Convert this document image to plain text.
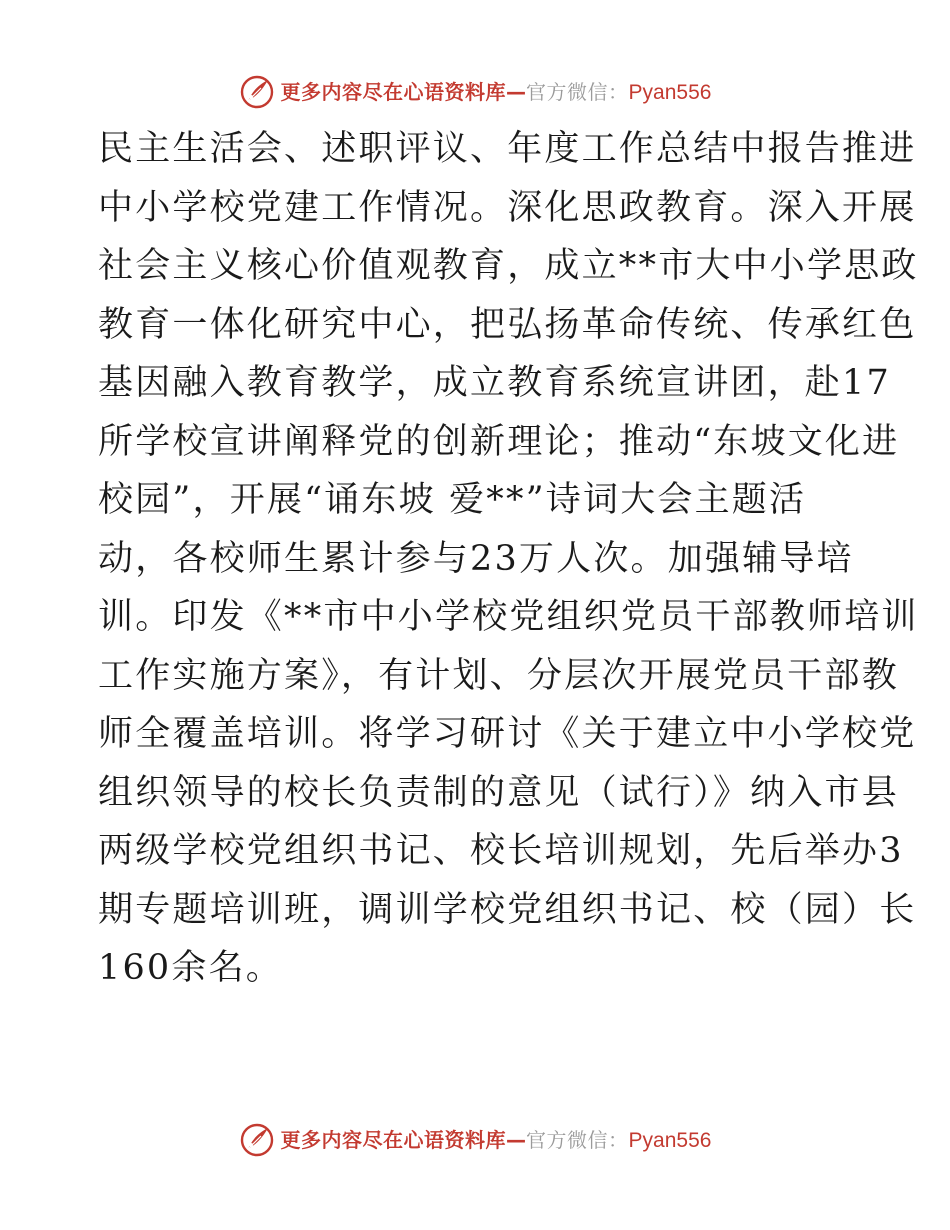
更多内容尽在心语资料库 — 官方微信： Pyan556
民主生活会、述职评议、年度工作总结中报告推进
中小学校党建工作情况。深化思政教育。深入开展
社会主义核心价值观教育，成立**市大中小学思政
教育一体化研究中心，把弘扬革命传统、传承红色
基因融入教育教学，成立教育系统宣讲团，赴17
所学校宣讲阐释党的创新理论；推动“东坡文化进
校园”，开展“诵东坡 爱**”诗词大会主题活
动，各校师生累计参与23万人次。加强辅导培
训。印发《**市中小学校党组织党员干部教师培训
工作实施方案》，有计划、分层次开展党员干部教
师全覆盖培训。将学习研讨《关于建立中小学校党
组织领导的校长负责制的意见（试行）》纳入市县
两级学校党组织书记、校长培训规划，先后举办3
期专题培训班，调训学校党组织书记、校（园）长
160余名。
更多内容尽在心语资料库 — 官方微信： Pyan556
